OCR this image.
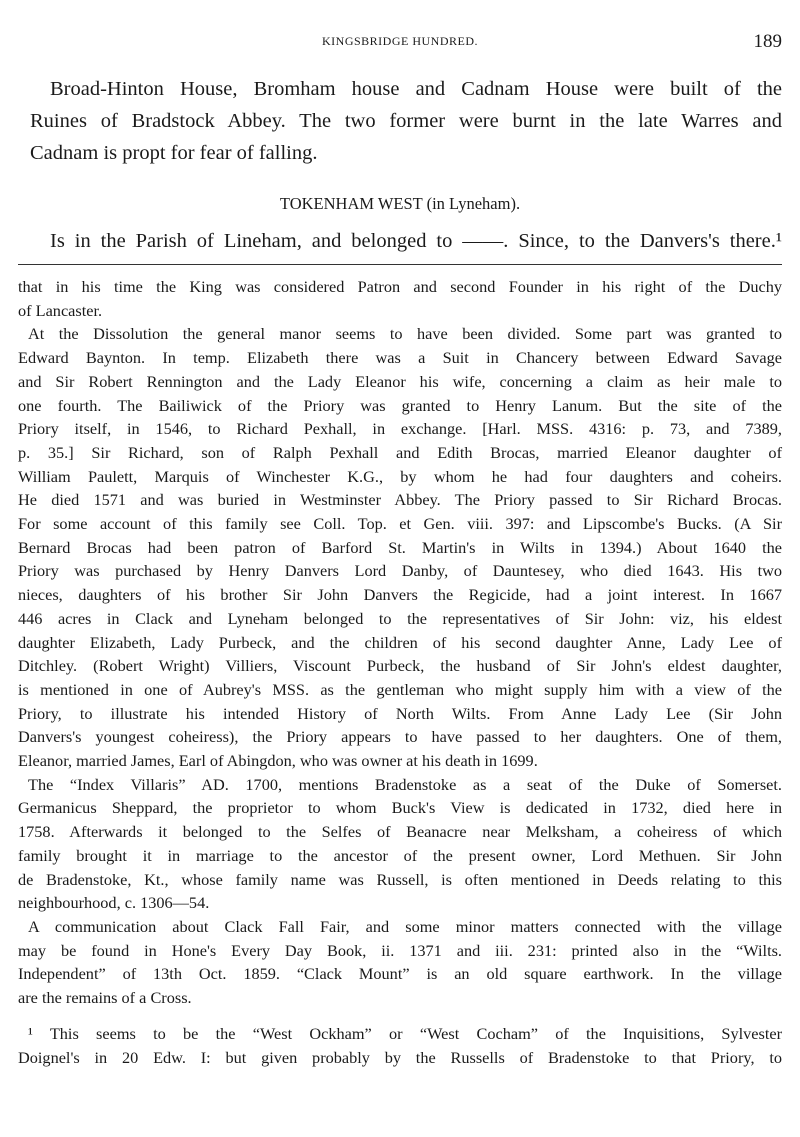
KINGSBRIDGE HUNDRED.	189
Broad-Hinton House, Bromham house and Cadnam House were built of the
Ruines of Bradstock Abbey. The two former were burnt in the late Warres and
Cadnam is propt for fear of falling.
TOKENHAM WEST (in Lyneham).
Is in the Parish of Lineham, and belonged to ——. Since, to the Danvers's there.¹
that in his time the King was considered Patron and second Founder in his right of the Duchy
of Lancaster.
At the Dissolution the general manor seems to have been divided. Some part was granted to
Edward Baynton. In temp. Elizabeth there was a Suit in Chancery between Edward Savage
and Sir Robert Rennington and the Lady Eleanor his wife, concerning a claim as heir male to
one fourth. The Bailiwick of the Priory was granted to Henry Lanum. But the site of the
Priory itself, in 1546, to Richard Pexhall, in exchange. [Harl. MSS. 4316: p. 73, and 7389,
p. 35.] Sir Richard, son of Ralph Pexhall and Edith Brocas, married Eleanor daughter of
William Paulett, Marquis of Winchester K.G., by whom he had four daughters and coheirs.
He died 1571 and was buried in Westminster Abbey. The Priory passed to Sir Richard Brocas.
For some account of this family see Coll. Top. et Gen. viii. 397: and Lipscombe's Bucks. (A Sir
Bernard Brocas had been patron of Barford St. Martin's in Wilts in 1394.) About 1640 the
Priory was purchased by Henry Danvers Lord Danby, of Dauntesey, who died 1643. His two
nieces, daughters of his brother Sir John Danvers the Regicide, had a joint interest. In 1667
446 acres in Clack and Lyneham belonged to the representatives of Sir John: viz, his eldest
daughter Elizabeth, Lady Purbeck, and the children of his second daughter Anne, Lady Lee of
Ditchley. (Robert Wright) Villiers, Viscount Purbeck, the husband of Sir John's eldest daughter,
is mentioned in one of Aubrey's MSS. as the gentleman who might supply him with a view of the
Priory, to illustrate his intended History of North Wilts. From Anne Lady Lee (Sir John
Danvers's youngest coheiress), the Priory appears to have passed to her daughters. One of them,
Eleanor, married James, Earl of Abingdon, who was owner at his death in 1699.
The “Index Villaris” AD. 1700, mentions Bradenstoke as a seat of the Duke of Somerset.
Germanicus Sheppard, the proprietor to whom Buck's View is dedicated in 1732, died here in
1758. Afterwards it belonged to the Selfes of Beanacre near Melksham, a coheiress of which
family brought it in marriage to the ancestor of the present owner, Lord Methuen. Sir John
de Bradenstoke, Kt., whose family name was Russell, is often mentioned in Deeds relating to this
neighbourhood, c. 1306—54.
A communication about Clack Fall Fair, and some minor matters connected with the village
may be found in Hone's Every Day Book, ii. 1371 and iii. 231: printed also in the “Wilts.
Independent” of 13th Oct. 1859. “Clack Mount” is an old square earthwork. In the village
are the remains of a Cross.
¹ This seems to be the “West Ockham” or “West Cocham” of the Inquisitions, Sylvester
Doignel's in 20 Edw. I: but given probably by the Russells of Bradenstoke to that Priory, to
